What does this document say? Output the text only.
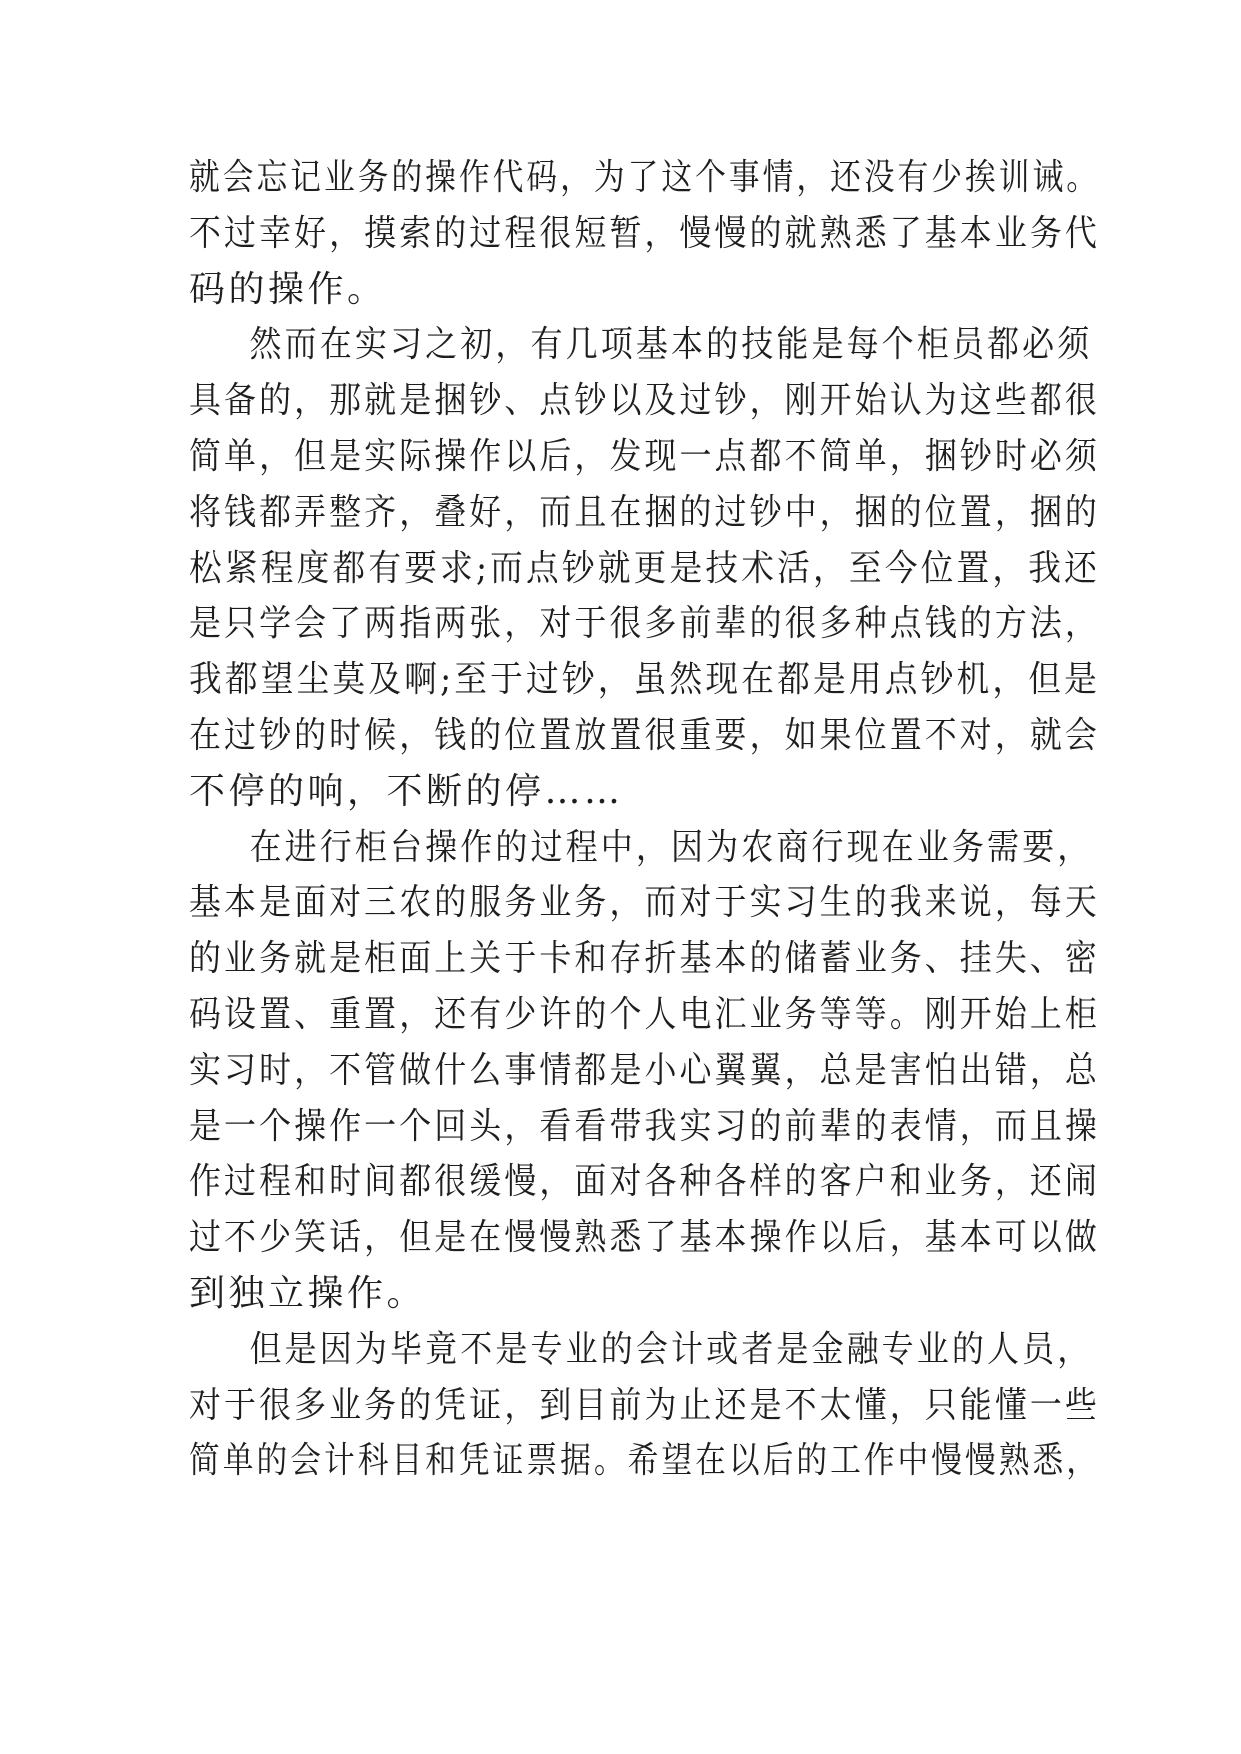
就会忘记业务的操作代码，为了这个事情，还没有少挨训诫。
不过幸好，摸索的过程很短暂，慢慢的就熟悉了基本业务代
码的操作。
然而在实习之初，有几项基本的技能是每个柜员都必须
具备的，那就是捆钞、点钞以及过钞，刚开始认为这些都很
简单，但是实际操作以后，发现一点都不简单，捆钞时必须
将钱都弄整齐，叠好，而且在捆的过钞中，捆的位置，捆的
松紧程度都有要求;而点钞就更是技术活，至今位置，我还
是只学会了两指两张，对于很多前辈的很多种点钱的方法，
我都望尘莫及啊;至于过钞，虽然现在都是用点钞机，但是
在过钞的时候，钱的位置放置很重要，如果位置不对，就会
不停的响，不断的停……
在进行柜台操作的过程中，因为农商行现在业务需要，
基本是面对三农的服务业务，而对于实习生的我来说，每天
的业务就是柜面上关于卡和存折基本的储蓄业务、挂失、密
码设置、重置，还有少许的个人电汇业务等等。刚开始上柜
实习时，不管做什么事情都是小心翼翼，总是害怕出错，总
是一个操作一个回头，看看带我实习的前辈的表情，而且操
作过程和时间都很缓慢，面对各种各样的客户和业务，还闹
过不少笑话，但是在慢慢熟悉了基本操作以后，基本可以做
到独立操作。
但是因为毕竟不是专业的会计或者是金融专业的人员，
对于很多业务的凭证，到目前为止还是不太懂，只能懂一些
简单的会计科目和凭证票据。希望在以后的工作中慢慢熟悉，
